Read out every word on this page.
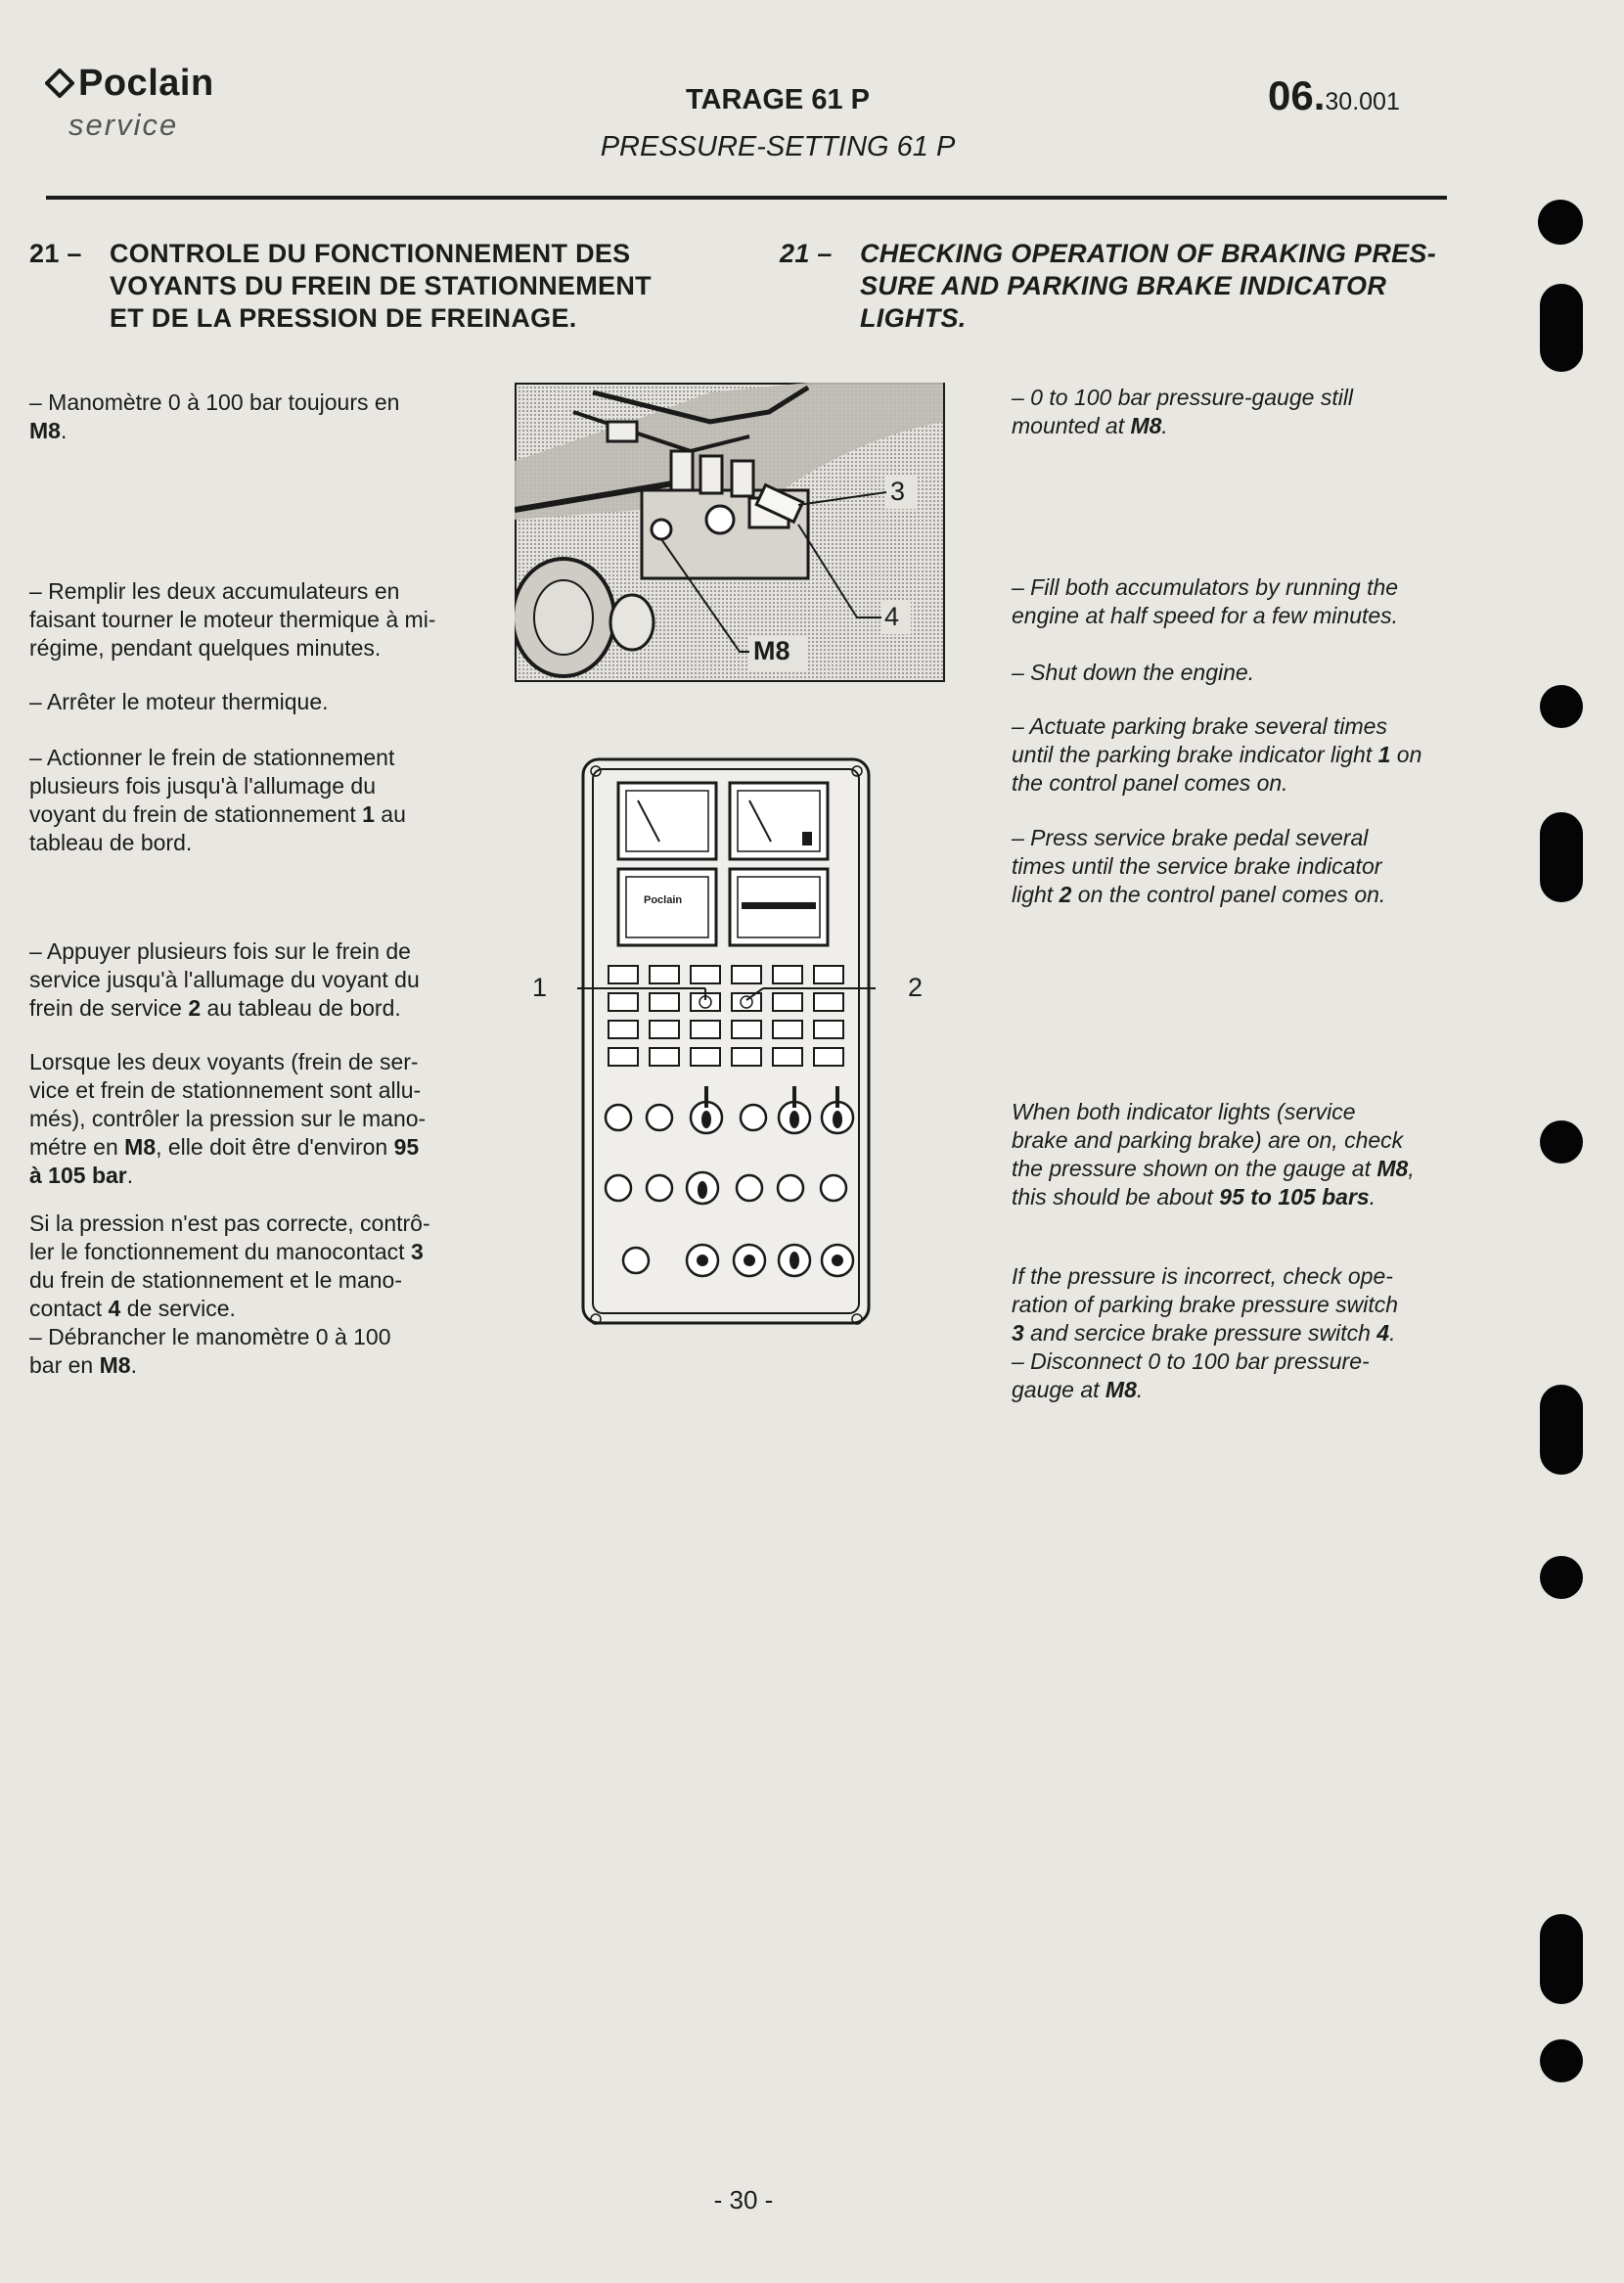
Poclain
service
TARAGE 61 P
PRESSURE-SETTING 61 P
06.30.001
21 – CONTROLE DU FONCTIONNEMENT DES
VOYANTS DU FREIN DE STATIONNEMENT
ET DE LA PRESSION DE FREINAGE.
21 – CHECKING OPERATION OF BRAKING PRES-
SURE AND PARKING BRAKE INDICATOR
LIGHTS.
– Manomètre 0 à 100 bar toujours en
M8.
– Remplir les deux accumulateurs en
faisant tourner le moteur thermique à mi-
régime, pendant quelques minutes.
– Arrêter le moteur thermique.
– Actionner le frein de stationnement
plusieurs fois jusqu'à l'allumage du
voyant du frein de stationnement 1 au
tableau de bord.
– Appuyer plusieurs fois sur le frein de
service jusqu'à l'allumage du voyant du
frein de service 2 au tableau de bord.
Lorsque les deux voyants (frein de ser-
vice et frein de stationnement sont allu-
més), contrôler la pression sur le mano-
métre en M8, elle doit être d'environ 95
à 105 bar.
Si la pression n'est pas correcte, contrô-
ler le fonctionnement du manocontact 3
du frein de stationnement et le mano-
contact 4 de service.
– Débrancher le manomètre 0 à 100
bar en M8.
3
4
M8
Poclain
1	2
– 0 to 100 bar pressure-gauge still
mounted at M8.
– Fill both accumulators by running the
engine at half speed for a few minutes.
– Shut down the engine.
– Actuate parking brake several times
until the parking brake indicator light 1 on
the control panel comes on.
– Press service brake pedal several
times until the service brake indicator
light 2 on the control panel comes on.
When both indicator lights (service
brake and parking brake) are on, check
the pressure shown on the gauge at M8,
this should be about 95 to 105 bars.
If the pressure is incorrect, check ope-
ration of parking brake pressure switch
3 and sercice brake pressure switch 4.
– Disconnect 0 to 100 bar pressure-
gauge at M8.
- 30 -
